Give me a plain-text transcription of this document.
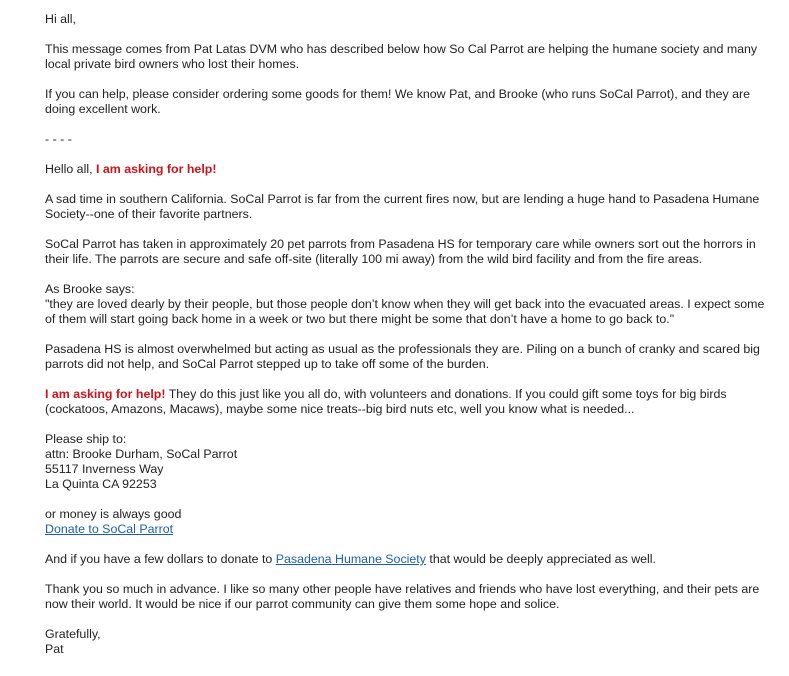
Hi all,

This message comes from Pat Latas DVM who has described below how So Cal Parrot are helping the humane society and many local private bird owners who lost their homes.

If you can help, please consider ordering some goods for them! We know Pat, and Brooke (who runs SoCal Parrot), and they are doing excellent work.

- - - -

Hello all, I am asking for help!

A sad time in southern California. SoCal Parrot is far from the current fires now, but are lending a huge hand to Pasadena Humane Society--one of their favorite partners.

SoCal Parrot has taken in approximately 20 pet parrots from Pasadena HS for temporary care while owners sort out the horrors in their life. The parrots are secure and safe off-site (literally 100 mi away) from the wild bird facility and from the fire areas.

As Brooke says:
"they are loved dearly by their people, but those people don’t know when they will get back into the evacuated areas. I expect some of them will start going back home in a week or two but there might be some that don’t have a home to go back to."

Pasadena HS is almost overwhelmed but acting as usual as the professionals they are. Piling on a bunch of cranky and scared big parrots did not help, and SoCal Parrot stepped up to take off some of the burden.

I am asking for help! They do this just like you all do, with volunteers and donations. If you could gift some toys for big birds (cockatoos, Amazons, Macaws), maybe some nice treats--big bird nuts etc, well you know what is needed...

Please ship to:
attn: Brooke Durham, SoCal Parrot
55117 Inverness Way
La Quinta CA 92253

or money is always good
Donate to SoCal Parrot

And if you have a few dollars to donate to Pasadena Humane Society that would be deeply appreciated as well.

Thank you so much in advance. I like so many other people have relatives and friends who have lost everything, and their pets are now their world. It would be nice if our parrot community can give them some hope and solice.

Gratefully,
Pat
